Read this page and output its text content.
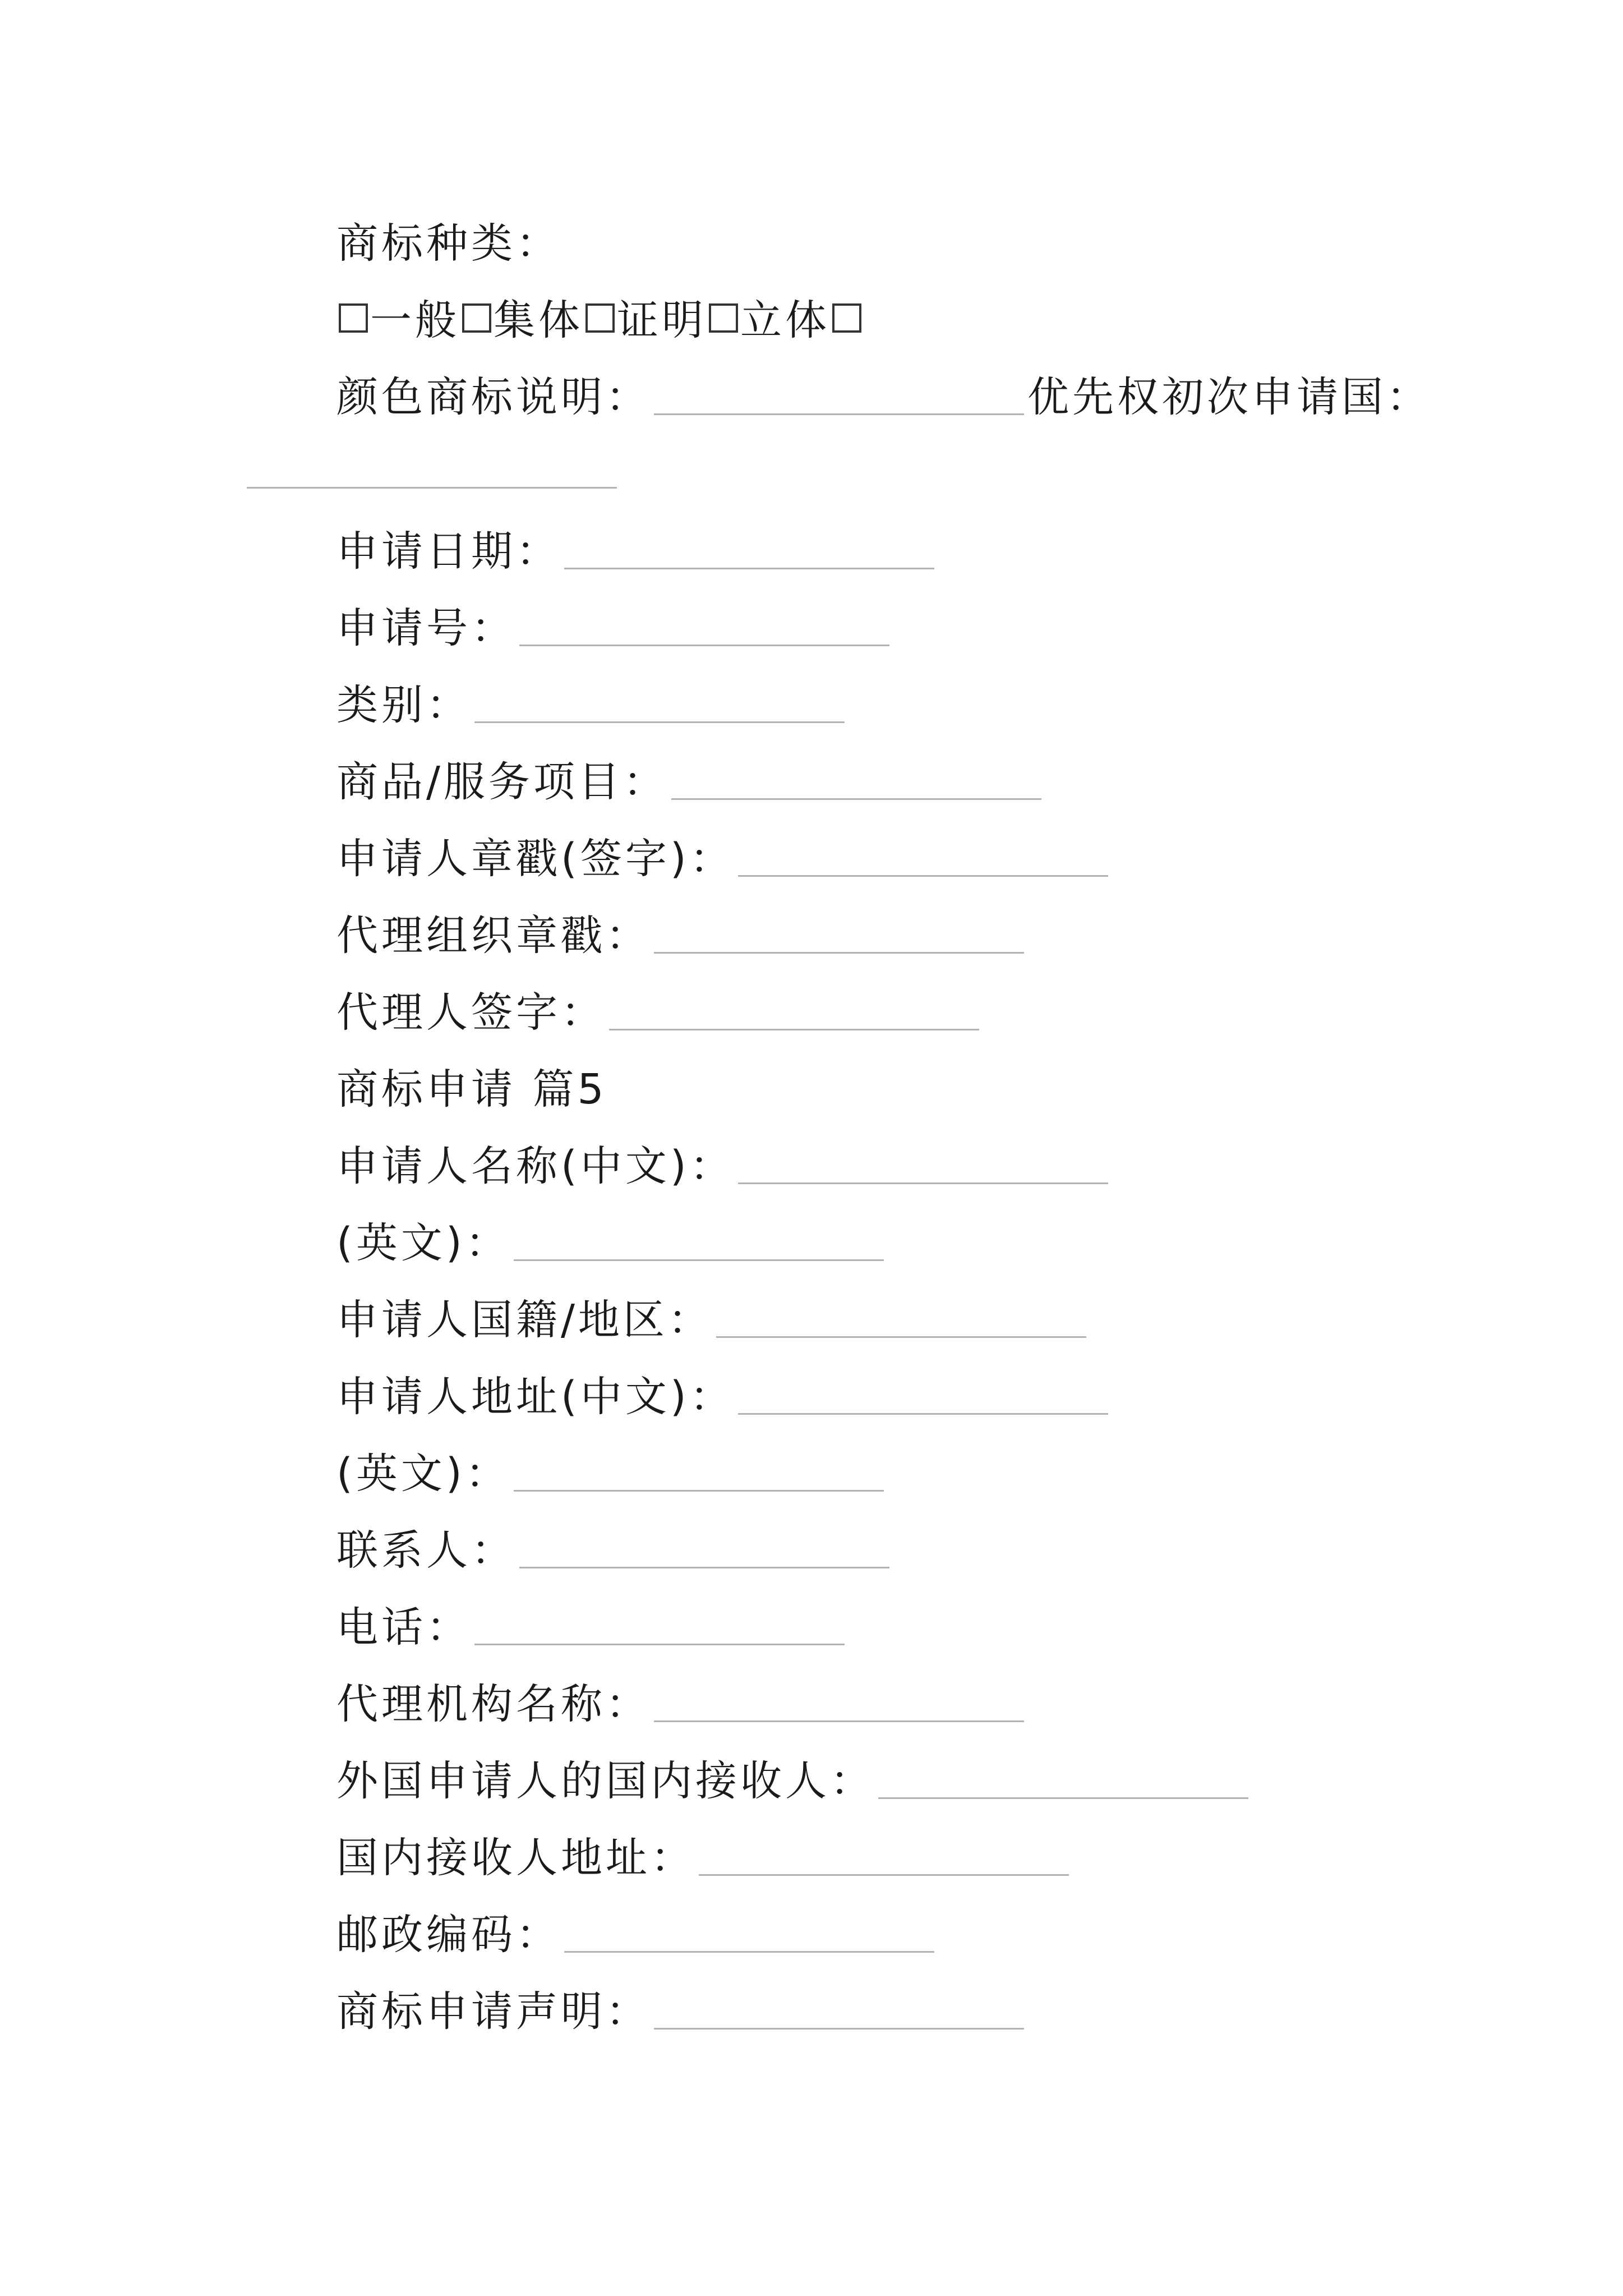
商标种类：
一般 集体 证明 立体
颜色商标说明：	优先权初次申请国：
申请日期：
申请号：
类别：
商品/服务项目：
申请人章戳(签字)：
代理组织章戳：
代理人签字：
商标申请 篇5
申请人名称(中文)：
(英文)：
申请人国籍/地区：
申请人地址(中文)：
(英文)：
联系人：
电话：
代理机构名称：
外国申请人的国内接收人：
国内接收人地址：
邮政编码：
商标申请声明：
